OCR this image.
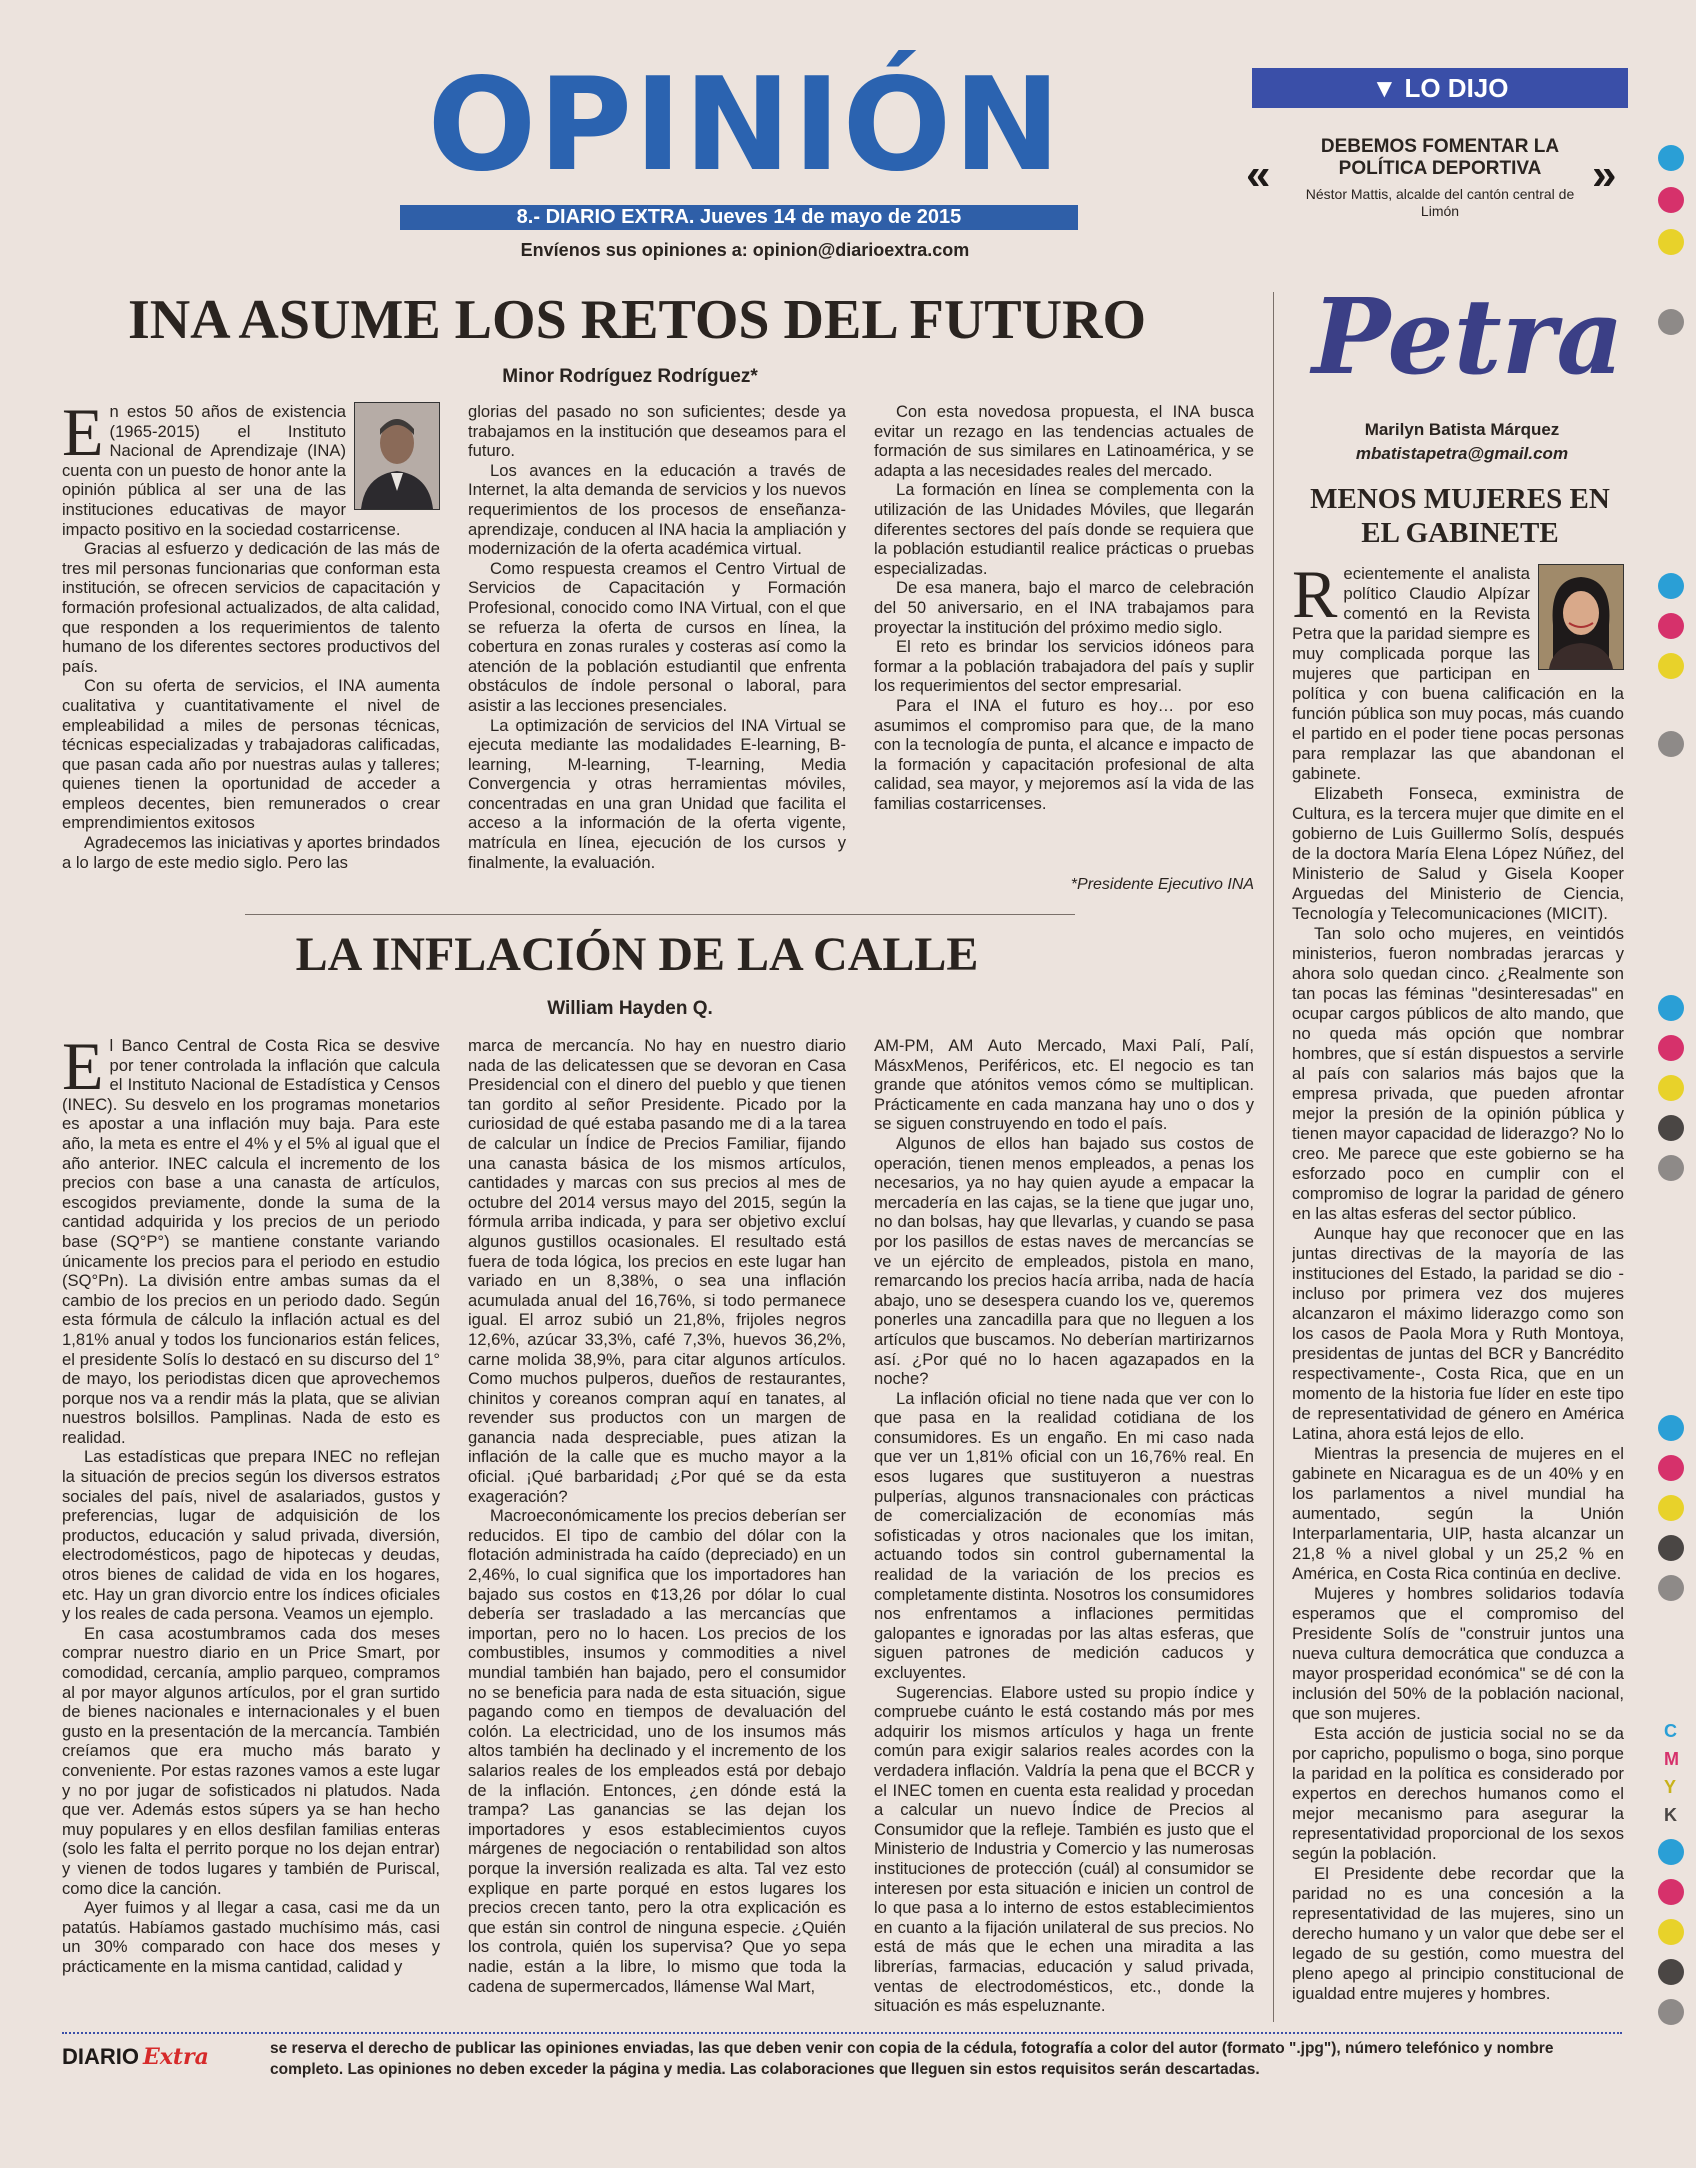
OPINIÓN
8.- DIARIO EXTRA. Jueves 14 de mayo de 2015
Envíenos sus opiniones a: opinion@diarioextra.com
▼ LO DIJO
«	»
DEBEMOS FOMENTAR LA POLÍTICA DEPORTIVA
Néstor Mattis, alcalde del cantón central de Limón
INA ASUME LOS RETOS DEL FUTURO
Minor Rodríguez Rodríguez*

En estos 50 años de existencia (1965-2015) el Instituto Nacional de Aprendizaje (INA) cuenta con un puesto de honor ante la opinión pública al ser una de las instituciones educativas de mayor impacto positivo en la sociedad costarricense.

Gracias al esfuerzo y dedicación de las más de tres mil personas funcionarias que conforman esta institución, se ofrecen servicios de capacitación y formación profesional actualizados, de alta calidad, que responden a los requerimientos de talento humano de los diferentes sectores productivos del país.

Con su oferta de servicios, el INA aumenta cualitativa y cuantitativamente el nivel de empleabilidad a miles de personas técnicas, técnicas especializadas y trabajadoras calificadas, que pasan cada año por nuestras aulas y talleres; quienes tienen la oportunidad de acceder a empleos decentes, bien remunerados o crear emprendimientos exitosos

Agradecemos las iniciativas y aportes brindados a lo largo de este medio siglo. Pero las

glorias del pasado no son suficientes; desde ya trabajamos en la institución que deseamos para el futuro.

Los avances en la educación a través de Internet, la alta demanda de servicios y los nuevos requerimientos de los procesos de enseñanza-aprendizaje, conducen al INA hacia la ampliación y modernización de la oferta académica virtual.

Como respuesta creamos el Centro Virtual de Servicios de Capacitación y Formación Profesional, conocido como INA Virtual, con el que se refuerza la oferta de cursos en línea, la cobertura en zonas rurales y costeras así como la atención de la población estudiantil que enfrenta obstáculos de índole personal o laboral, para asistir a las lecciones presenciales.

La optimización de servicios del INA Virtual se ejecuta mediante las modalidades E-learning, B-learning, M-learning, T-learning, Media Convergencia y otras herramientas móviles, concentradas en una gran Unidad que facilita el acceso a la información de la oferta vigente, matrícula en línea, ejecución de los cursos y finalmente, la evaluación.

Con esta novedosa propuesta, el INA busca evitar un rezago en las tendencias actuales de formación de sus similares en Latinoamérica, y se adapta a las necesidades reales del mercado.

La formación en línea se complementa con la utilización de las Unidades Móviles, que llegarán diferentes sectores del país donde se requiera que la población estudiantil realice prácticas o pruebas especializadas.

De esa manera, bajo el marco de celebración del 50 aniversario, en el INA trabajamos para proyectar la institución del próximo medio siglo.

El reto es brindar los servicios idóneos para formar a la población trabajadora del país y suplir los requerimientos del sector empresarial.

Para el INA el futuro es hoy… por eso asumimos el compromiso para que, de la mano con la tecnología de punta, el alcance e impacto de la formación y capacitación profesional de alta calidad, sea mayor, y mejoremos así la vida de las familias costarricenses.

*Presidente Ejecutivo INA
LA INFLACIÓN DE LA CALLE
William Hayden Q.

El Banco Central de Costa Rica se desvive por tener controlada la inflación que calcula el Instituto Nacional de Estadística y Censos (INEC). Su desvelo en los programas monetarios es apostar a una inflación muy baja. Para este año, la meta es entre el 4% y el 5% al igual que el año anterior. INEC calcula el incremento de los precios con base a una canasta de artículos, escogidos previamente, donde la suma de la cantidad adquirida y los precios de un periodo base (SQ°P°) se mantiene constante variando únicamente los precios para el periodo en estudio (SQ°Pn). La división entre ambas sumas da el cambio de los precios en un periodo dado. Según esta fórmula de cálculo la inflación actual es del 1,81% anual y todos los funcionarios están felices, el presidente Solís lo destacó en su discurso del 1° de mayo, los periodistas dicen que aprovechemos porque nos va a rendir más la plata, que se alivian nuestros bolsillos. Pamplinas. Nada de esto es realidad.

Las estadísticas que prepara INEC no reflejan la situación de precios según los diversos estratos sociales del país, nivel de asalariados, gustos y preferencias, lugar de adquisición de los productos, educación y salud privada, diversión, electrodomésticos, pago de hipotecas y deudas, otros bienes de calidad de vida en los hogares, etc. Hay un gran divorcio entre los índices oficiales y los reales de cada persona. Veamos un ejemplo.

En casa acostumbramos cada dos meses comprar nuestro diario en un Price Smart, por comodidad, cercanía, amplio parqueo, compramos al por mayor algunos artículos, por el gran surtido de bienes nacionales e internacionales y el buen gusto en la presentación de la mercancía. También creíamos que era mucho más barato y conveniente. Por estas razones vamos a este lugar y no por jugar de sofisticados ni platudos. Nada que ver. Además estos súpers ya se han hecho muy populares y en ellos desfilan familias enteras (solo les falta el perrito porque no los dejan entrar) y vienen de todos lugares y también de Puriscal, como dice la canción.

Ayer fuimos y al llegar a casa, casi me da un patatús. Habíamos gastado muchísimo más, casi un 30% comparado con hace dos meses y prácticamente en la misma cantidad, calidad y

marca de mercancía. No hay en nuestro diario nada de las delicatessen que se devoran en Casa Presidencial con el dinero del pueblo y que tienen tan gordito al señor Presidente. Picado por la curiosidad de qué estaba pasando me di a la tarea de calcular un Índice de Precios Familiar, fijando una canasta básica de los mismos artículos, cantidades y marcas con sus precios al mes de octubre del 2014 versus mayo del 2015, según la fórmula arriba indicada, y para ser objetivo excluí algunos gustillos ocasionales. El resultado está fuera de toda lógica, los precios en este lugar han variado en un 8,38%, o sea una inflación acumulada anual del 16,76%, si todo permanece igual. El arroz subió un 21,8%, frijoles negros 12,6%, azúcar 33,3%, café 7,3%, huevos 36,2%, carne molida 38,9%, para citar algunos artículos. Como muchos pulperos, dueños de restaurantes, chinitos y coreanos compran aquí en tanates, al revender sus productos con un margen de ganancia nada despreciable, pues atizan la inflación de la calle que es mucho mayor a la oficial. ¡Qué barbaridad¡ ¿Por qué se da esta exageración?

Macroeconómicamente los precios deberían ser reducidos. El tipo de cambio del dólar con la flotación administrada ha caído (depreciado) en un 2,46%, lo cual significa que los importadores han bajado sus costos en ¢13,26 por dólar lo cual debería ser trasladado a las mercancías que importan, pero no lo hacen. Los precios de los combustibles, insumos y commodities a nivel mundial también han bajado, pero el consumidor no se beneficia para nada de esta situación, sigue pagando como en tiempos de devaluación del colón. La electricidad, uno de los insumos más altos también ha declinado y el incremento de los salarios reales de los empleados está por debajo de la inflación. Entonces, ¿en dónde está la trampa? Las ganancias se las dejan los importadores y esos establecimientos cuyos márgenes de negociación o rentabilidad son altos porque la inversión realizada es alta. Tal vez esto explique en parte porqué en estos lugares los precios crecen tanto, pero la otra explicación es que están sin control de ninguna especie. ¿Quién los controla, quién los supervisa? Que yo sepa nadie, están a la libre, lo mismo que toda la cadena de supermercados, llámense Wal Mart,

AM-PM, AM Auto Mercado, Maxi Palí, Palí, MásxMenos, Periféricos, etc. El negocio es tan grande que atónitos vemos cómo se multiplican. Prácticamente en cada manzana hay uno o dos y se siguen construyendo en todo el país.

Algunos de ellos han bajado sus costos de operación, tienen menos empleados, a penas los necesarios, ya no hay quien ayude a empacar la mercadería en las cajas, se la tiene que jugar uno, no dan bolsas, hay que llevarlas, y cuando se pasa por los pasillos de estas naves de mercancías se ve un ejército de empleados, pistola en mano, remarcando los precios hacía arriba, nada de hacía abajo, uno se desespera cuando los ve, queremos ponerles una zancadilla para que no lleguen a los artículos que buscamos. No deberían martirizarnos así. ¿Por qué no lo hacen agazapados en la noche?

La inflación oficial no tiene nada que ver con lo que pasa en la realidad cotidiana de los consumidores. Es un engaño. En mi caso nada que ver un 1,81% oficial con un 16,76% real. En esos lugares que sustituyeron a nuestras pulperías, algunos transnacionales con prácticas de comercialización de economías más sofisticadas y otros nacionales que los imitan, actuando todos sin control gubernamental la realidad de la variación de los precios es completamente distinta. Nosotros los consumidores nos enfrentamos a inflaciones permitidas galopantes e ignoradas por las altas esferas, que siguen patrones de medición caducos y excluyentes.

Sugerencias. Elabore usted su propio índice y compruebe cuánto le está costando más por mes adquirir los mismos artículos y haga un frente común para exigir salarios reales acordes con la verdadera inflación. Valdría la pena que el BCCR y el INEC tomen en cuenta esta realidad y procedan a calcular un nuevo Índice de Precios al Consumidor que la refleje. También es justo que el Ministerio de Industria y Comercio y las numerosas instituciones de protección (cuál) al consumidor se interesen por esta situación e inicien un control de lo que pasa a lo interno de estos establecimientos en cuanto a la fijación unilateral de sus precios. No está de más que le echen una miradita a las librerías, farmacias, educación y salud privada, ventas de electrodomésticos, etc., donde la situación es más espeluznante.

Petra
Marilyn Batista Márquez
mbatistapetra@gmail.com
MENOS MUJERES EN EL GABINETE

Recientemente el analista político Claudio Alpízar comentó en la Revista Petra que la paridad siempre es muy complicada porque las mujeres que participan en política y con buena calificación en la función pública son muy pocas, más cuando el partido en el poder tiene pocas personas para remplazar las que abandonan el gabinete.

Elizabeth Fonseca, exministra de Cultura, es la tercera mujer que dimite en el gobierno de Luis Guillermo Solís, después de la doctora María Elena López Núñez, del Ministerio de Salud y Gisela Kooper Arguedas del Ministerio de Ciencia, Tecnología y Telecomunicaciones (MICIT).

Tan solo ocho mujeres, en veintidós ministerios, fueron nombradas jerarcas y ahora solo quedan cinco. ¿Realmente son tan pocas las féminas "desinteresadas" en ocupar cargos públicos de alto mando, que no queda más opción que nombrar hombres, que sí están dispuestos a servirle al país con salarios más bajos que la empresa privada, que pueden afrontar mejor la presión de la opinión pública y tienen mayor capacidad de liderazgo? No lo creo. Me parece que este gobierno se ha esforzado poco en cumplir con el compromiso de lograr la paridad de género en las altas esferas del sector público.

Aunque hay que reconocer que en las juntas directivas de la mayoría de las instituciones del Estado, la paridad se dio -incluso por primera vez dos mujeres alcanzaron el máximo liderazgo como son los casos de Paola Mora y Ruth Montoya, presidentas de juntas del BCR y Bancrédito respectivamente-, Costa Rica, que en un momento de la historia fue líder en este tipo de representatividad de género en América Latina, ahora está lejos de ello.

Mientras la presencia de mujeres en el gabinete en Nicaragua es de un 40% y en los parlamentos a nivel mundial ha aumentado, según la Unión Interparlamentaria, UIP, hasta alcanzar un 21,8 % a nivel global y un 25,2 % en América, en Costa Rica continúa en declive.

Mujeres y hombres solidarios todavía esperamos que el compromiso del Presidente Solís de "construir juntos una nueva cultura democrática que conduzca a mayor prosperidad económica" se dé con la inclusión del 50% de la población nacional, que son mujeres.

Esta acción de justicia social no se da por capricho, populismo o boga, sino porque la paridad en la política es considerado por expertos en derechos humanos como el mejor mecanismo para asegurar la representatividad proporcional de los sexos según la población.

El Presidente debe recordar que la paridad no es una concesión a la representatividad de las mujeres, sino un derecho humano y un valor que debe ser el legado de su gestión, como muestra del pleno apego al principio constitucional de igualdad entre mujeres y hombres.

C
M
Y
K
DIARIO Extra	se reserva el derecho de publicar las opiniones enviadas, las que deben venir con copia de la cédula, fotografía a color del autor (formato ".jpg"), número telefónico y nombre completo. Las opiniones no deben exceder la página y media. Las colaboraciones que lleguen sin estos requisitos serán descartadas.
